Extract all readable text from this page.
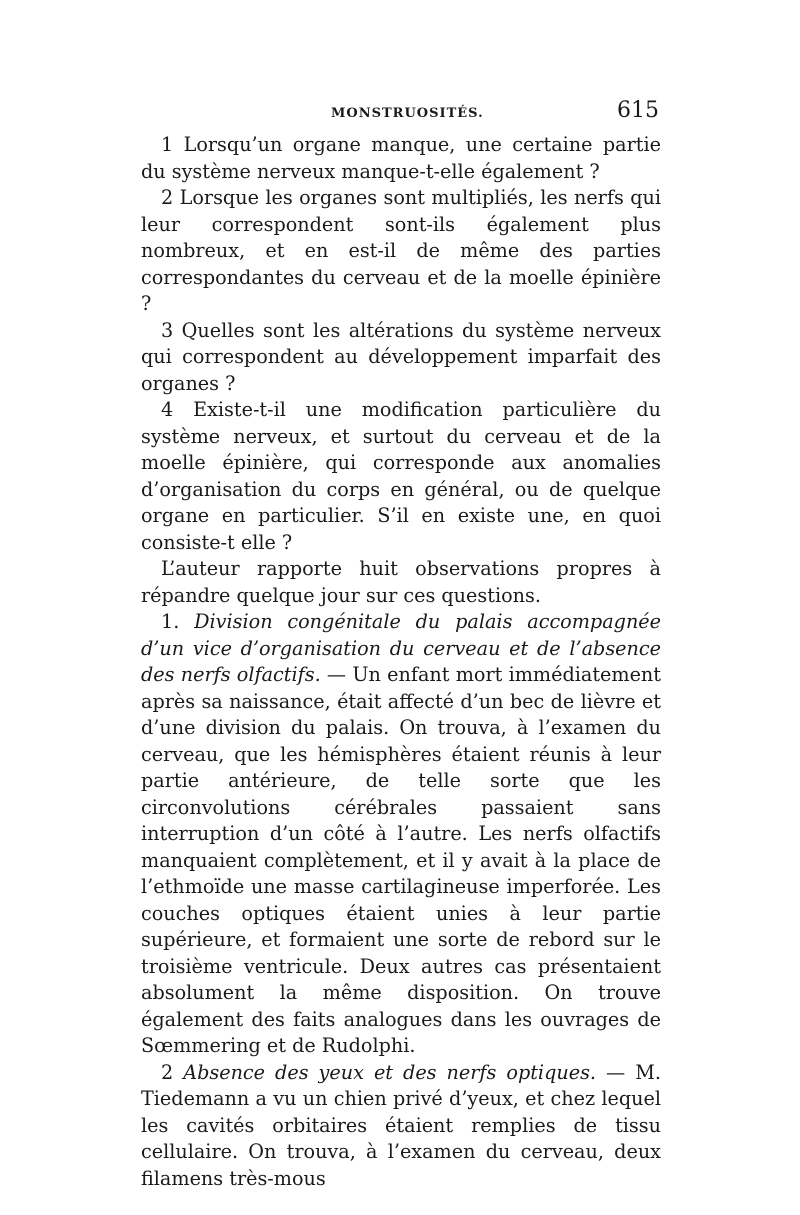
MONSTRUOSITÉS.	615

1 Lorsqu’un organe manque, une certaine partie du système nerveux manque-t-elle également ?

2 Lorsque les organes sont multipliés, les nerfs qui leur correspondent sont-ils également plus nombreux, et en est-il de même des parties correspondantes du cerveau et de la moelle épinière ?

3 Quelles sont les altérations du système nerveux qui correspondent au développement imparfait des organes ?

4 Existe-t-il une modification particulière du système nerveux, et surtout du cerveau et de la moelle épinière, qui corresponde aux anomalies d’organisation du corps en général, ou de quelque organe en particulier. S’il en existe une, en quoi consiste-t elle ?

L’auteur rapporte huit observations propres à répandre quelque jour sur ces questions.

1. Division congénitale du palais accompagnée d’un vice d’organisation du cerveau et de l’absence des nerfs olfactifs. — Un enfant mort immédiatement après sa naissance, était affecté d’un bec de lièvre et d’une division du palais. On trouva, à l’examen du cerveau, que les hémisphères étaient réunis à leur partie antérieure, de telle sorte que les circonvolutions cérébrales passaient sans interruption d’un côté à l’autre. Les nerfs olfactifs manquaient complètement, et il y avait à la place de l’ethmoïde une masse cartilagineuse imperforée. Les couches optiques étaient unies à leur partie supérieure, et formaient une sorte de rebord sur le troisième ventricule. Deux autres cas présentaient absolument la même disposition. On trouve également des faits analogues dans les ouvrages de Sœmmering et de Rudolphi.

2 Absence des yeux et des nerfs optiques. — M. Tiedemann a vu un chien privé d’yeux, et chez lequel les cavités orbitaires étaient remplies de tissu cellulaire. On trouva, à l’examen du cerveau, deux filamens très-mous
